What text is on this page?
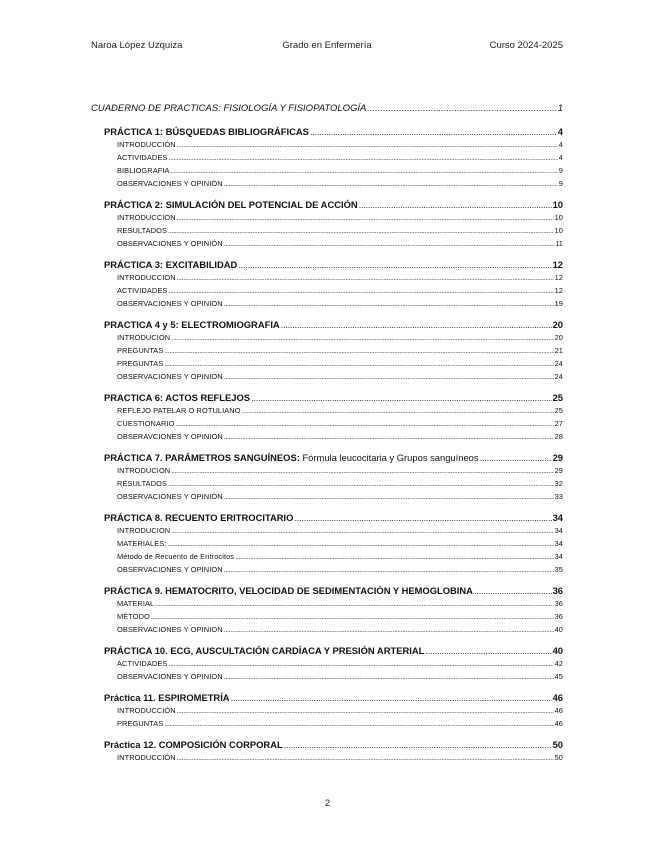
Naroa López Uzquiza	Grado en Enfermería	Curso 2024-2025
CUADERNO DE PRACTICAS: FISIOLOGÍA Y FISIOPATOLOGÍA .....	1
PRÁCTICA 1: BÚSQUEDAS BIBLIOGRÁFICAS .....	4
INTRODUCCIÓN .....	4
ACTIVIDADES .....	4
BIBLIOGRAFIA .....	9
OBSERVACIONES Y OPINIÓN .....	9
PRÁCTICA 2: SIMULACIÓN DEL POTENCIAL DE ACCIÓN .....	10
INTRODUCCION .....	10
RESULTADOS .....	10
OBSERVACIONES Y OPINIÓN .....	11
PRÁCTICA 3: EXCITABILIDAD .....	12
INTRODUCCION .....	12
ACTIVIDADES .....	12
OBSERVACIONES Y OPINION .....	19
PRACTICA 4 y 5: ELECTROMIOGRAFIA .....	20
INTRODUCION .....	20
PREGUNTAS .....	21
PREGUNTAS .....	24
OBSERVACIONES Y OPINION .....	24
PRACTICA 6: ACTOS REFLEJOS .....	25
REFLEJO PATELAR O ROTULIANO .....	25
CUESTIONARIO .....	27
OBSERAVCIONES Y OPINION .....	28
PRÁCTICA 7. PARÁMETROS SANGUÍNEOS: Fórmula leucocitaria y Grupos sanguíneos .....	29
INTRODUCION .....	29
RESULTADOS .....	32
OBSERVACIONES Y OPINIÓN .....	33
PRÁCTICA 8. RECUENTO ERITROCITARIO .....	34
INTRODUCION .....	34
MATERIALES: .....	34
Método de Recuento de Eritrocitos .....	34
OBSERVACIONES Y OPINION .....	35
PRÁCTICA 9. HEMATOCRITO, VELOCIDAD DE SEDIMENTACIÓN Y HEMOGLOBINA .....	36
MATERIAL .....	36
MÉTODO .....	36
OBSERVACIONES Y OPINION .....	40
PRÁCTICA 10. ECG, AUSCULTACIÓN CARDÍACA Y PRESIÓN ARTERIAL .....	40
ACTIVIDADES .....	42
OBSERVACIONES Y OPINION .....	45
Práctica 11. ESPIROMETRÍA .....	46
INTRODUCCIÓN .....	46
PREGUNTAS .....	46
Práctica 12. COMPOSICIÓN CORPORAL .....	50
INTRODUCCIÓN .....	50
2
